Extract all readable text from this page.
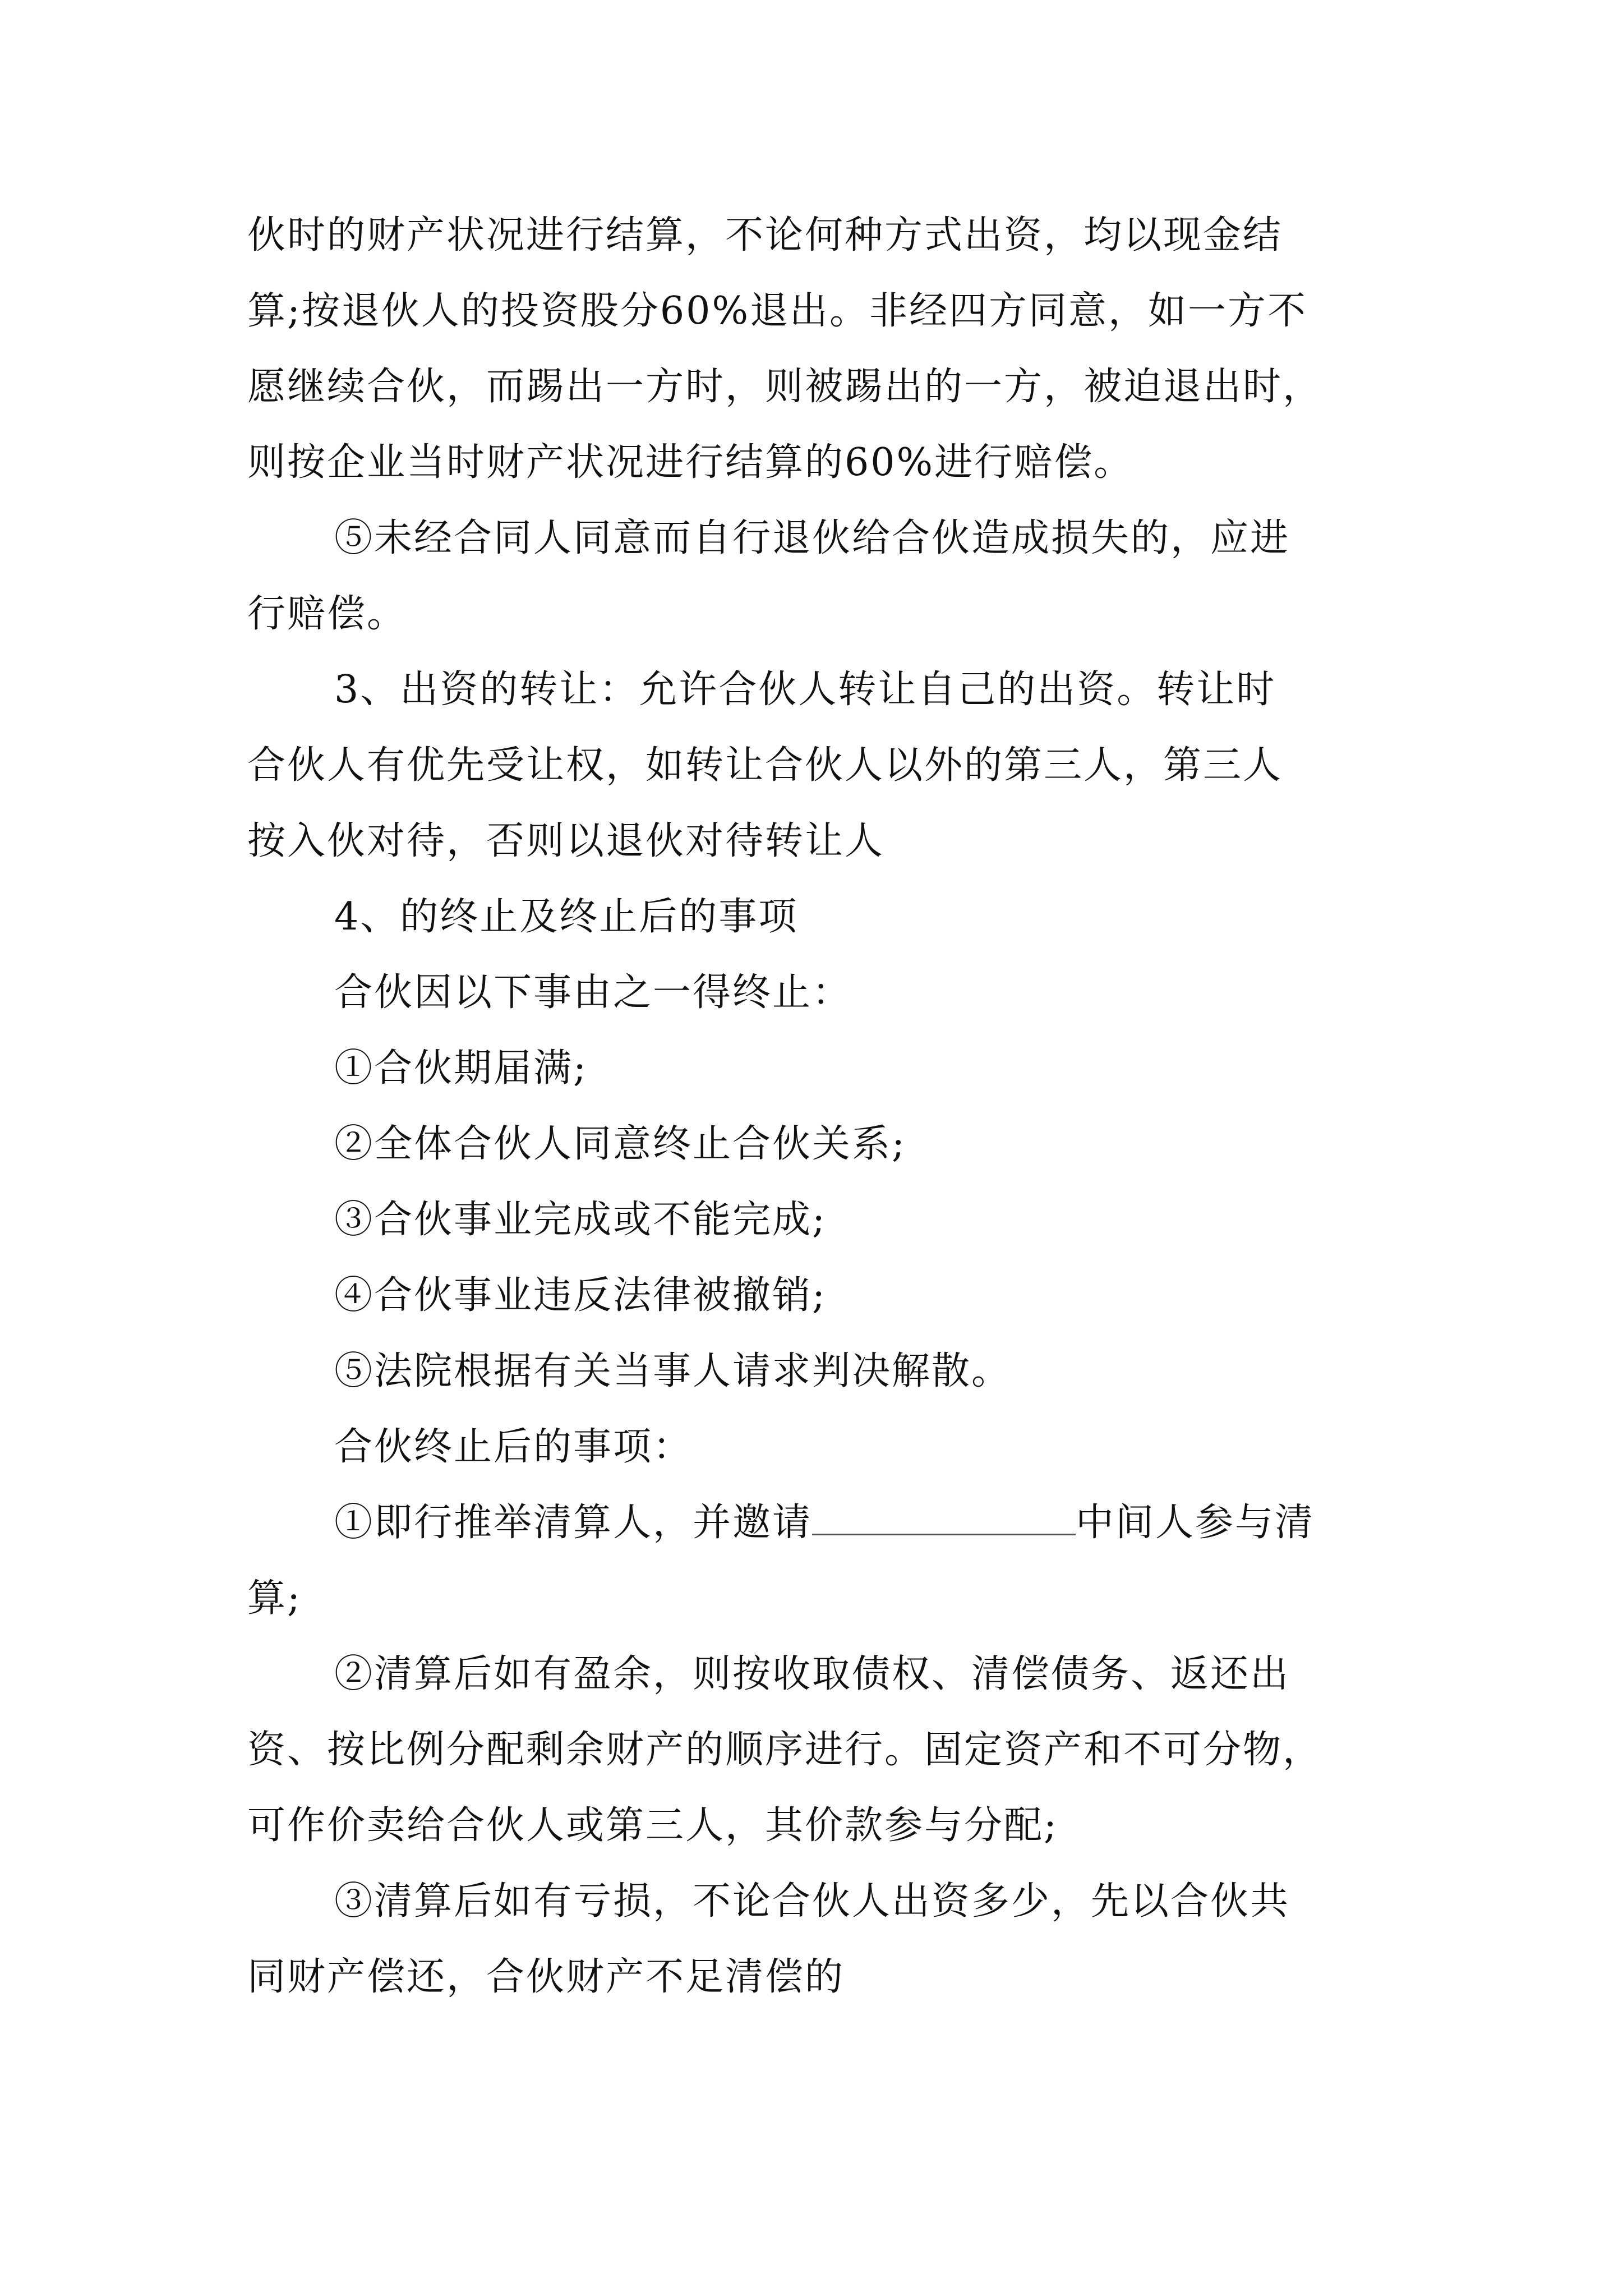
伙时的财产状况进行结算，不论何种方式出资，均以现金结
算;按退伙人的投资股分60%退出。非经四方同意，如一方不
愿继续合伙，而踢出一方时，则被踢出的一方，被迫退出时，
则按企业当时财产状况进行结算的60%进行赔偿。
⑤未经合同人同意而自行退伙给合伙造成损失的，应进
行赔偿。
3、出资的转让：允许合伙人转让自己的出资。转让时
合伙人有优先受让权，如转让合伙人以外的第三人，第三人
按入伙对待，否则以退伙对待转让人
4、的终止及终止后的事项
合伙因以下事由之一得终止：
①合伙期届满;
②全体合伙人同意终止合伙关系;
③合伙事业完成或不能完成;
④合伙事业违反法律被撤销;
⑤法院根据有关当事人请求判决解散。
合伙终止后的事项：
①即行推举清算人，并邀请	中间人参与清
算;
②清算后如有盈余，则按收取债权、清偿债务、返还出
资、按比例分配剩余财产的顺序进行。固定资产和不可分物，
可作价卖给合伙人或第三人，其价款参与分配;
③清算后如有亏损，不论合伙人出资多少，先以合伙共
同财产偿还，合伙财产不足清偿的
